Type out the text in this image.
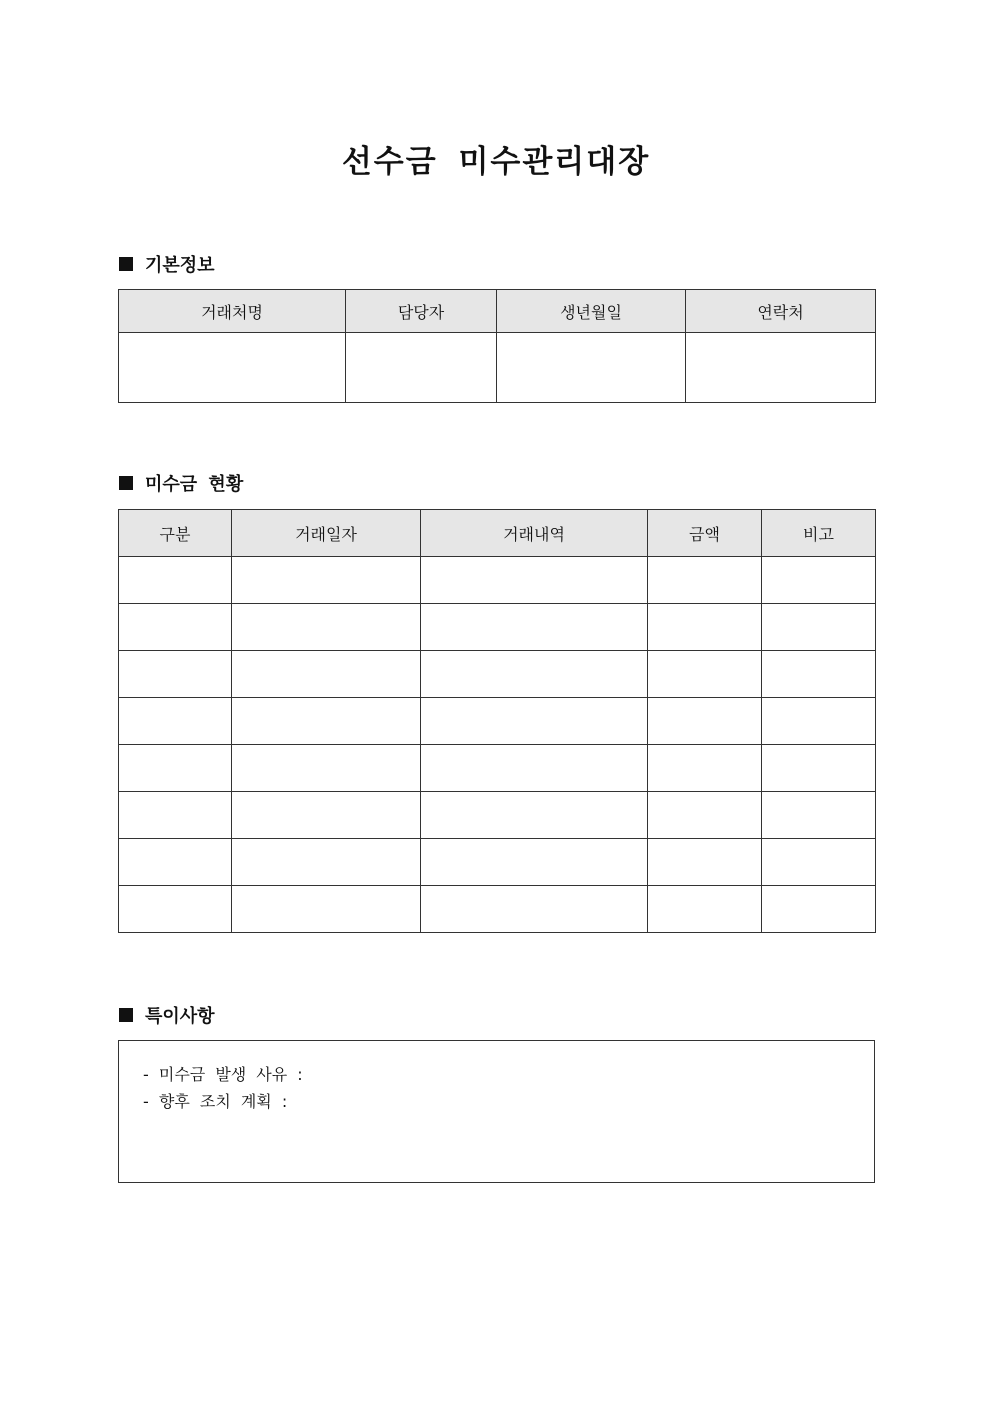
선수금 미수관리대장
기본정보
거래처명	담당자	생년월일	연락처

미수금 현황
구분	거래일자	거래내역	금액	비고

특이사항
- 미수금 발생 사유 :
- 향후 조치 계획 :
